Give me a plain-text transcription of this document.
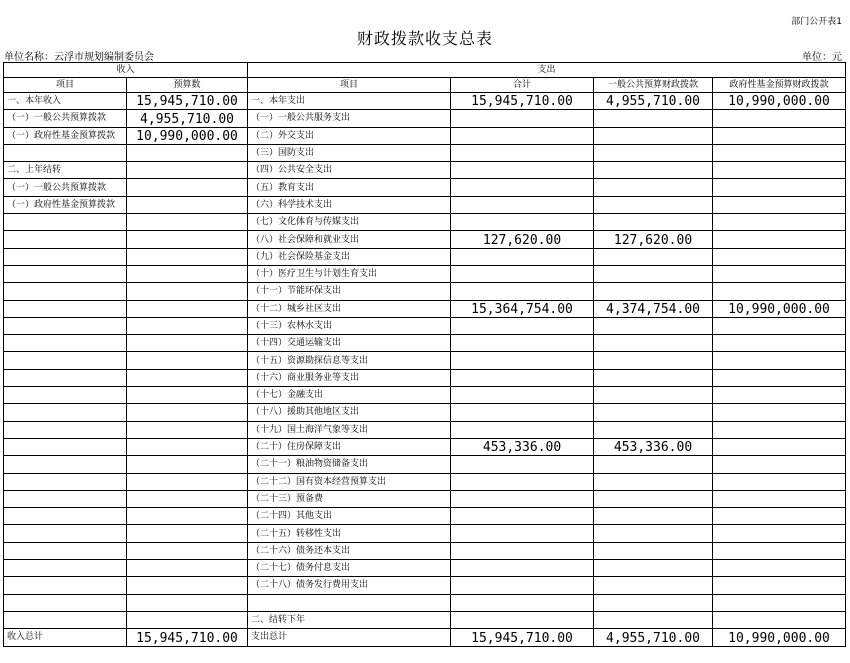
部门公开表1
财政拨款收支总表
单位名称：云浮市规划编制委员会	单位：元
收入		支出			
项目	预算数	项目	合计	一般公共预算财政拨款	政府性基金预算财政拨款
一、本年收入	15,945,710.00	一、本年支出	15,945,710.00	4,955,710.00	10,990,000.00
（一）一般公共预算拨款	4,955,710.00	（一）一般公共服务支出			
（一）政府性基金预算拨款	10,990,000.00	（二）外交支出			
		（三）国防支出			
二、上年结转		（四）公共安全支出			
（一）一般公共预算拨款		（五）教育支出			
（一）政府性基金预算拨款		（六）科学技术支出			
		（七）文化体育与传媒支出			
		（八）社会保障和就业支出	127,620.00	127,620.00	
		（九）社会保险基金支出			
		（十）医疗卫生与计划生育支出			
		（十一）节能环保支出			
		（十二）城乡社区支出	15,364,754.00	4,374,754.00	10,990,000.00
		（十三）农林水支出			
		（十四）交通运输支出			
		（十五）资源勘探信息等支出			
		（十六）商业服务业等支出			
		（十七）金融支出			
		（十八）援助其他地区支出			
		（十九）国土海洋气象等支出			
		（二十）住房保障支出	453,336.00	453,336.00	
		（二十一）粮油物资储备支出			
		（二十二）国有资本经营预算支出			
		（二十三）预备费			
		（二十四）其他支出			
		（二十五）转移性支出			
		（二十六）债务还本支出			
		（二十七）债务付息支出			
		（二十八）债务发行费用支出			

		二、结转下年			
收入总计	15,945,710.00	支出总计	15,945,710.00	4,955,710.00	10,990,000.00
